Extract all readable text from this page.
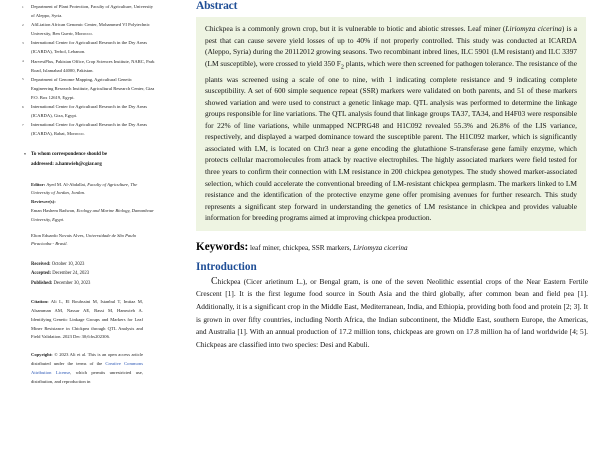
1 Department of Plant Protection, Faculty of Agriculture, University of Aleppo, Syria.
2 AfiLiation African Genomic Center, Mohammed VI Polytechnic University, Ben Guerir, Morocco.
3 International Center for Agricultural Research in the Dry Areas (ICARDA), Terbol, Lebanon.
4 HarvestPlus, Pakistan Office, Crop Sciences Institute, NARC, Park Road, Islamabad 44000, Pakistan.
5 Department of Genome Mapping, Agricultural Genetic Engineering Research Institute, Agricultural Research Center, Giza P.O. Box 12619, Egypt.
6 International Center for Agricultural Research in the Dry Areas (ICARDA), Giza, Egypt.
7 International Center for Agricultural Research in the Dry Areas (ICARDA), Rabat, Morocco.
* To whom correspondence should be
addressed: a.hamwieh@cgiar.org
Editor: Ayed M. Al-Abdallat, Faculty of Agriculture, The University of Jordan, Jordan.
Reviewer(s):
Eman Hashem Radwan, Ecology and Marine Biology, Damanhour University, Egypt.
Elton Eduardo Novais Alves, Universidade de São Paulo Piracicaba - Brasil.
Received: October 10, 2023
Accepted: December 24, 2023
Published: December 30, 2023
Citation: Ali L, El Bouhssini M, Istanbul T, Imtiaz M, Alsamman AM, Nassar AE, Bassi M, Hamwieh A. Identifying Genetic Linkage Groups and Markers for Leaf Miner Resistance in Chickpea through QTL Analysis and Field Validation. 2023 Dec 30;6:bs202306.
Copyright: © 2023 Ali et al. This is an open access article distributed under the terms of the Creative Commons Attribution License, which permits unrestricted use, distribution, and reproduction in
Abstract

Chickpea is a commonly grown crop, but it is vulnerable to biotic and abiotic stresses. Leaf miner (Liriomyza cicerina) is a pest that can cause severe yield losses of up to 40% if not properly controlled. This study was conducted at ICARDA (Aleppo, Syria) during the 20112012 growing seasons. Two recombinant inbred lines, ILC 5901 (LM resistant) and ILC 3397 (LM susceptible), were crossed to yield 350 $F_2$ plants, which were then screened for pathogen tolerance. The resistance of the plants was screened using a scale of one to nine, with 1 indicating complete resistance and 9 indicating complete susceptibility. A set of 600 simple sequence repeat (SSR) markers were validated on both parents, and 51 of these markers showed variation and were used to construct a genetic linkage map. QTL analysis was performed to determine the linkage groups responsible for line variations. The QTL analysis found that linkage groups TA37, TA34, and H4F03 were responsible for 22% of line variations, while unmapped NCPRG48 and H1C092 revealed 55.3% and 26.8% of the LIS variance, respectively, and displayed a warped dominance toward the susceptible parent. The H1C092 marker, which is significantly associated with LM, is located on Chr3 near a gene encoding the glutathione S-transferase gene family enzyme, which protects cellular macromolecules from attack by reactive electrophiles. The highly associated markers were field tested for three years to confirm their connection with LM resistance in 200 chickpea genotypes. The study showed marker-associated selection, which could accelerate the conventional breeding of LM-resistant chickpea germplasm. The markers linked to LM resistance and the identification of the protective enzyme gene offer promising avenues for further research. This study represents a significant step forward in understanding the genetics of LM resistance in chickpea and provides valuable information for breeding programs aimed at improving chickpea production.

Keywords: leaf miner, chickpea, SSR markers, Liriomyza cicerina
Introduction

Chickpea (Cicer arietinum L.), or Bengal gram, is one of the seven Neolithic essential crops of the Near Eastern Fertile Crescent [1]. It is the first legume food source in South Asia and the third globally, after common bean and field pea [1]. Additionally, it is a significant crop in the Middle East, Mediterranean, India, and Ethiopia, providing both food and protein [2; 3]. It is grown in over fifty countries, including North Africa, the Indian subcontinent, the Middle East, southern Europe, the Americas, and Australia [1]. With an annual production of 17.2 million tons, chickpeas are grown on 17.8 million ha of land worldwide [4; 5]. Chickpeas are classified into two species: Desi and Kabuli.
